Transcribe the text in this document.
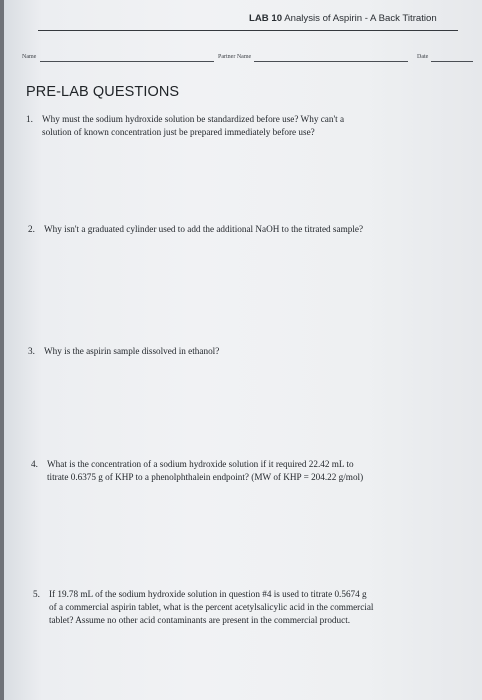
LAB 10 Analysis of Aspirin - A Back Titration
Name	Partner Name	Date
PRE-LAB QUESTIONS
1. Why must the sodium hydroxide solution be standardized before use? Why can't a
solution of known concentration just be prepared immediately before use?
2. Why isn't a graduated cylinder used to add the additional NaOH to the titrated sample?
3. Why is the aspirin sample dissolved in ethanol?
4. What is the concentration of a sodium hydroxide solution if it required 22.42 mL to
titrate 0.6375 g of KHP to a phenolphthalein endpoint? (MW of KHP = 204.22 g/mol)
5. If 19.78 mL of the sodium hydroxide solution in question #4 is used to titrate 0.5674 g
of a commercial aspirin tablet, what is the percent acetylsalicylic acid in the commercial
tablet? Assume no other acid contaminants are present in the commercial product.
